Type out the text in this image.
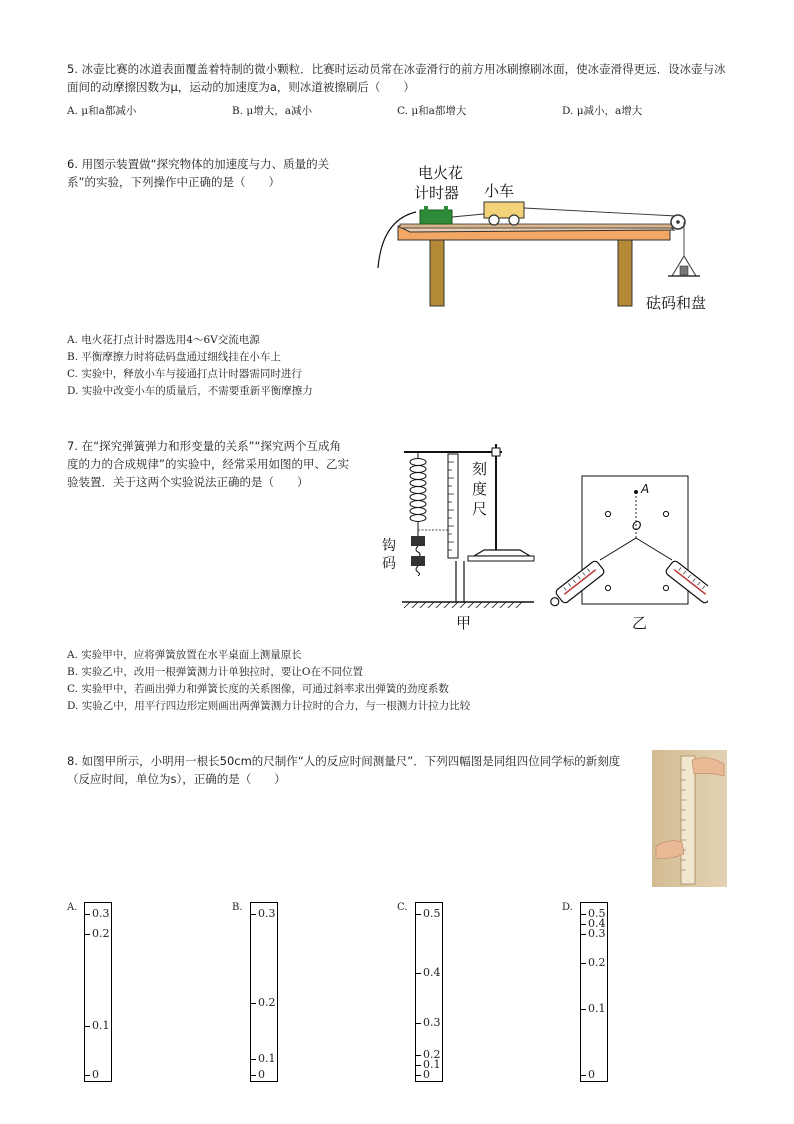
5. 冰壶比赛的冰道表面覆盖着特制的微小颗粒．比赛时运动员常在冰壶滑行的前方用冰刷擦刷冰面，使冰壶滑得更远．设冰壶与冰
面间的动摩擦因数为μ，运动的加速度为a，则冰道被擦刷后（　　）
A. μ和a都减小	B. μ增大，a减小	C. μ和a都增大	D. μ减小，a增大
6. 用图示装置做“探究物体的加速度与力、质量的关
系”的实验，下列操作中正确的是（　　）	电火花
计时器 小车
砝码和盘
A. 电火花打点计时器选用4～6V交流电源
B. 平衡摩擦力时将砝码盘通过细线挂在小车上
C. 实验中，释放小车与接通打点计时器需同时进行
D. 实验中改变小车的质量后，不需要重新平衡摩擦力
7. 在“探究弹簧弹力和形变量的关系”“探究两个互成角
度的力的合成规律”的实验中，经常采用如图的甲、乙实
验装置．关于这两个实验说法正确的是（　　）
刻
度
尺
钩
码
甲
A
O
乙
A. 实验甲中，应将弹簧放置在水平桌面上测量原长
B. 实验乙中，改用一根弹簧测力计单独拉时，要让O在不同位置
C. 实验甲中，若画出弹力和弹簧长度的关系图像，可通过斜率求出弹簧的劲度系数
D. 实验乙中，用平行四边形定则画出两弹簧测力计拉时的合力，与一根测力计拉力比较
8. 如图甲所示，小明用一根长50cm的尺制作“人的反应时间测量尺”．下列四幅图是同组四位同学标的新刻度
（反应时间，单位为s），正确的是（　　）
A.	B.	C.	D.
0.3
0.2
0.1
0
0.3
0.2
0.1
0
0.5
0.4
0.3
0.2
0.1
0
0.5
0.4
0.3
0.2
0.1
0
